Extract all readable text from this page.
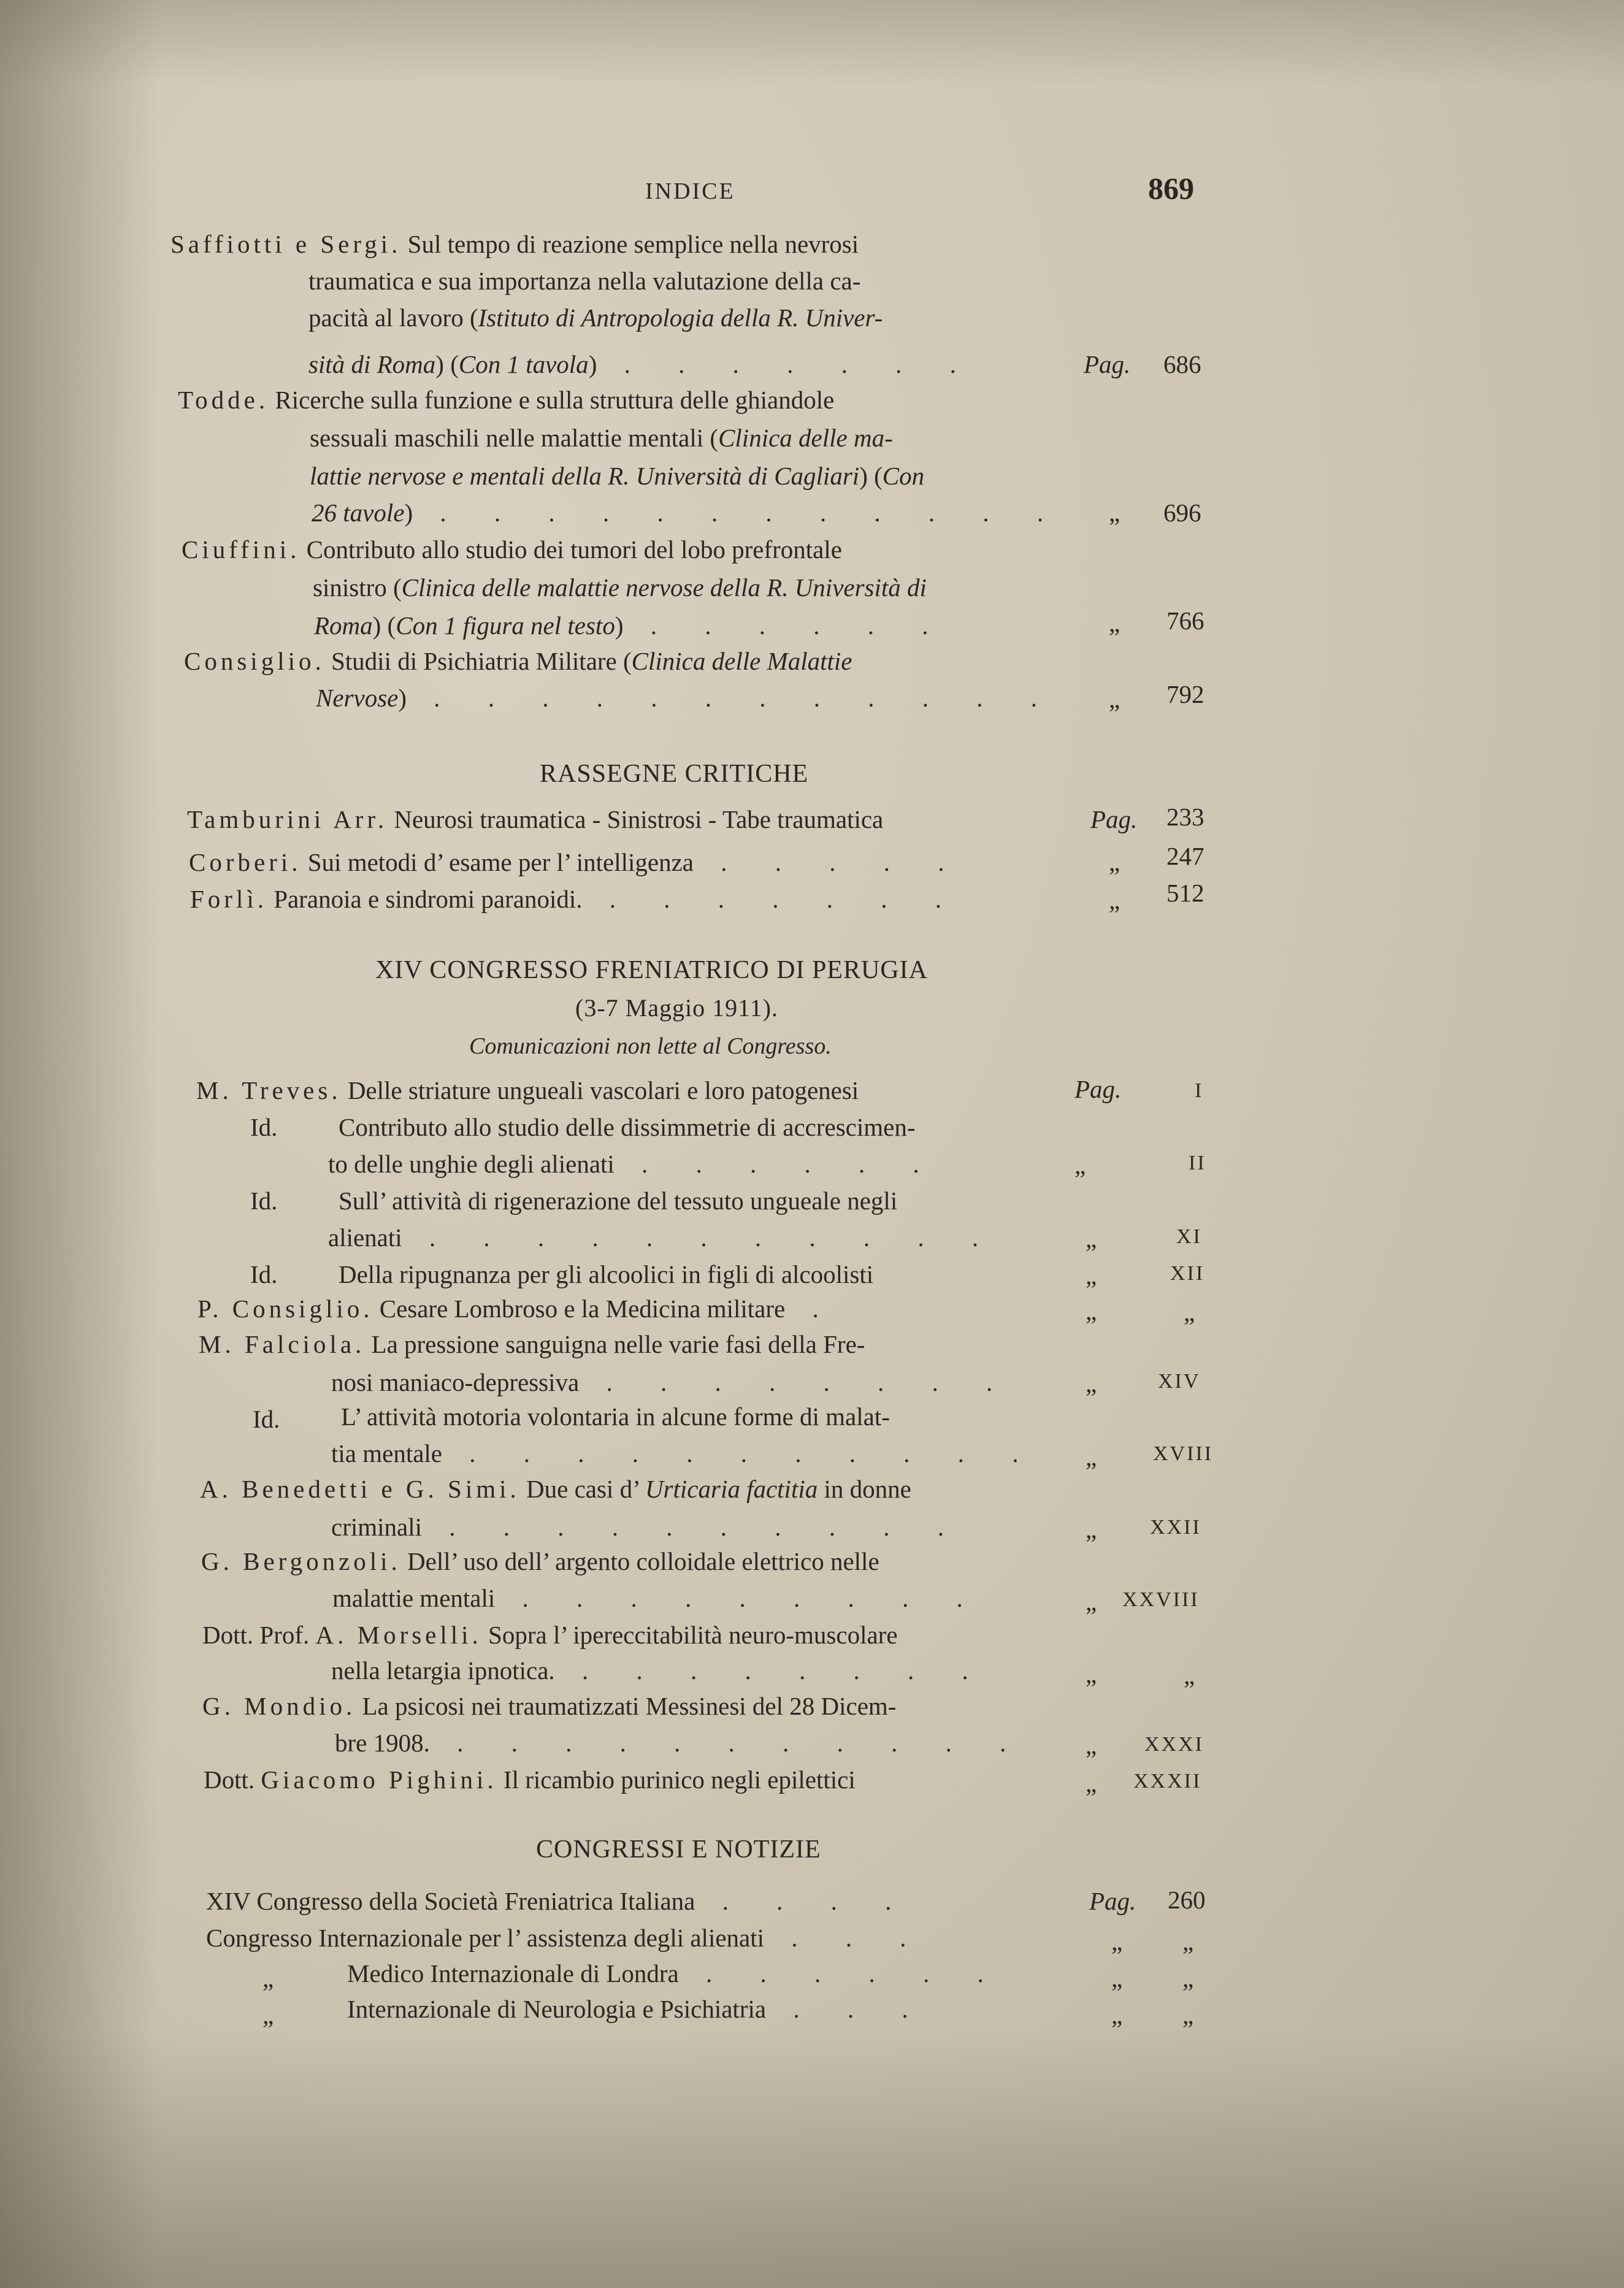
INDICE	869
Saffiotti e Sergi. Sul tempo di reazione semplice nella nevrosi
traumatica e sua importanza nella valutazione della ca-
pacità al lavoro (Istituto di Antropologia della R. Univer-
sità di Roma) (Con 1 tavola) . . . . . . .	Pag. 686
Todde. Ricerche sulla funzione e sulla struttura delle ghiandole
sessuali maschili nelle malattie mentali (Clinica delle ma-
lattie nervose e mentali della R. Università di Cagliari) (Con
26 tavole) . . . . . . . . . . . . „ 696
Ciuffini. Contributo allo studio dei tumori del lobo prefrontale
sinistro (Clinica delle malattie nervose della R. Università di
Roma) (Con 1 figura nel testo) . . . . . .	„ 766
Consiglio. Studii di Psichiatria Militare (Clinica delle Malattie
Nervose) . . . . . . . . . . . . „ 792
RASSEGNE CRITICHE
Tamburini Arr. Neurosi traumatica - Sinistrosi - Tabe traumatica	Pag. 233
Corberi. Sui metodi d’ esame per l’ intelligenza . . . . .	„ 247
Forlì. Paranoia e sindromi paranoidi. . . . . . . .	„ 512
XIV CONGRESSO FRENIATRICO DI PERUGIA
(3-7 Maggio 1911).
Comunicazioni non lette al Congresso.
M. Treves. Delle striature ungueali vascolari e loro patogenesi	Pag.	I
Id. Contributo allo studio delle dissimmetrie di accrescimen-
to delle unghie degli alienati . . . . . .	„	II
Id. Sull’ attività di rigenerazione del tessuto ungueale negli
alienati . . . . . . . . . . .	„	XI
Id. Della ripugnanza per gli alcoolici in figli di alcoolisti	„	XII
P. Consiglio. Cesare Lombroso e la Medicina militare .	„	„
M. Falciola. La pressione sanguigna nelle varie fasi della Fre-
nosi maniaco-depressiva . . . . . . . .	„	XIV
Id. L’ attività motoria volontaria in alcune forme di malat-
tia mentale . . . . . . . . . . . „	XVIII
A. Benedetti e G. Simi. Due casi d’ Urticaria factitia in donne
criminali . . . . . . . . . .	„	XXII
G. Bergonzoli. Dell’ uso dell’ argento colloidale elettrico nelle
malattie mentali . . . . . . . . .	„ XXVIII
Dott. Prof. A. Morselli. Sopra l’ ipereccitabilità neuro-muscolare
nella letargia ipnotica. . . . . . . . .	„	„
G. Mondio. La psicosi nei traumatizzati Messinesi del 28 Dicem-
bre 1908. . . . . . . . . . . . „ XXXI
Dott. Giacomo Pighini. Il ricambio purinico negli epilettici	„ XXXII
CONGRESSI E NOTIZIE
XIV Congresso della Società Freniatrica Italiana . . . .	Pag. 260
Congresso Internazionale per l’ assistenza degli alienati . . .	„ „
„	Medico Internazionale di Londra . . . . . .	„ „
„	Internazionale di Neurologia e Psichiatria . . .	„ „
